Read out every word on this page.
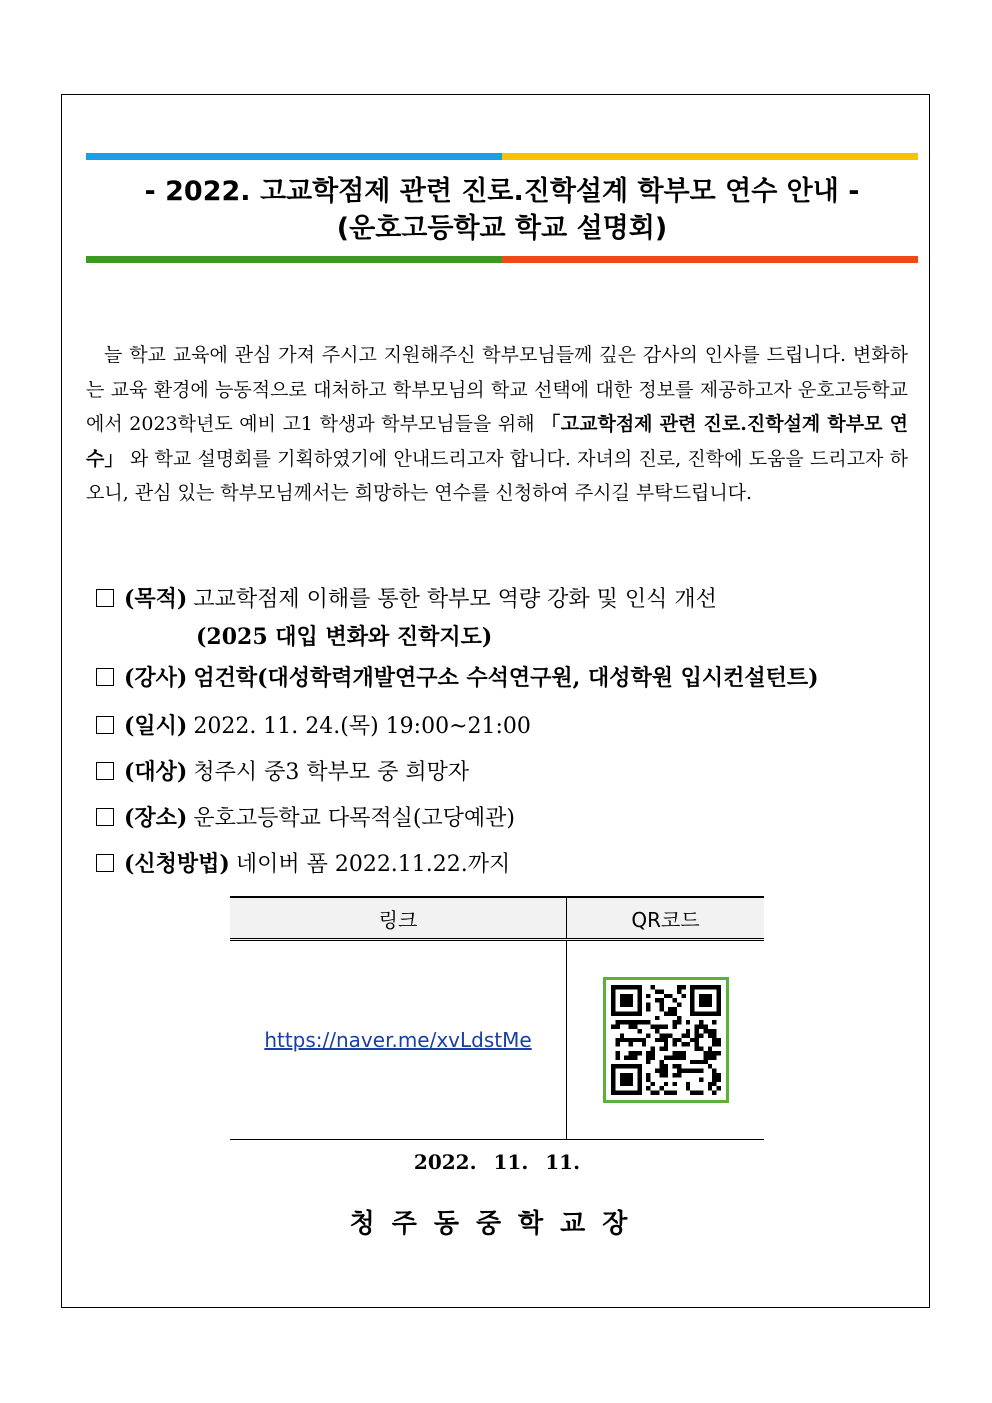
- 2022. 고교학점제 관련 진로.진학설계 학부모 연수 안내 -
(운호고등학교 학교 설명회)

늘 학교 교육에 관심 가져 주시고 지원해주신 학부모님들께 깊은 감사의 인사를 드립니다. 변화하는 교육 환경에 능동적으로 대처하고 학부모님의 학교 선택에 대한 정보를 제공하고자 운호고등학교에서 2023학년도 예비 고1 학생과 학부모님들을 위해 「고교학점제 관련 진로.진학설계 학부모 연수」 와 학교 설명회를 기획하였기에 안내드리고자 합니다. 자녀의 진로, 진학에 도움을 드리고자 하오니, 관심 있는 학부모님께서는 희망하는 연수를 신청하여 주시길 부탁드립니다.

(목적) 고교학점제 이해를 통한 학부모 역량 강화 및 인식 개선
(2025 대입 변화와 진학지도)
(강사) 엄건학(대성학력개발연구소 수석연구원, 대성학원 입시컨설턴트)
(일시) 2022. 11. 24.(목) 19:00~21:00
(대상) 청주시 중3 학부모 중 희망자
(장소) 운호고등학교 다목적실(고당예관)
(신청방법) 네이버 폼 2022.11.22.까지
링크	QR코드
https://naver.me/xvLdstMe	
2022. 11. 11.
청주동중학교장
